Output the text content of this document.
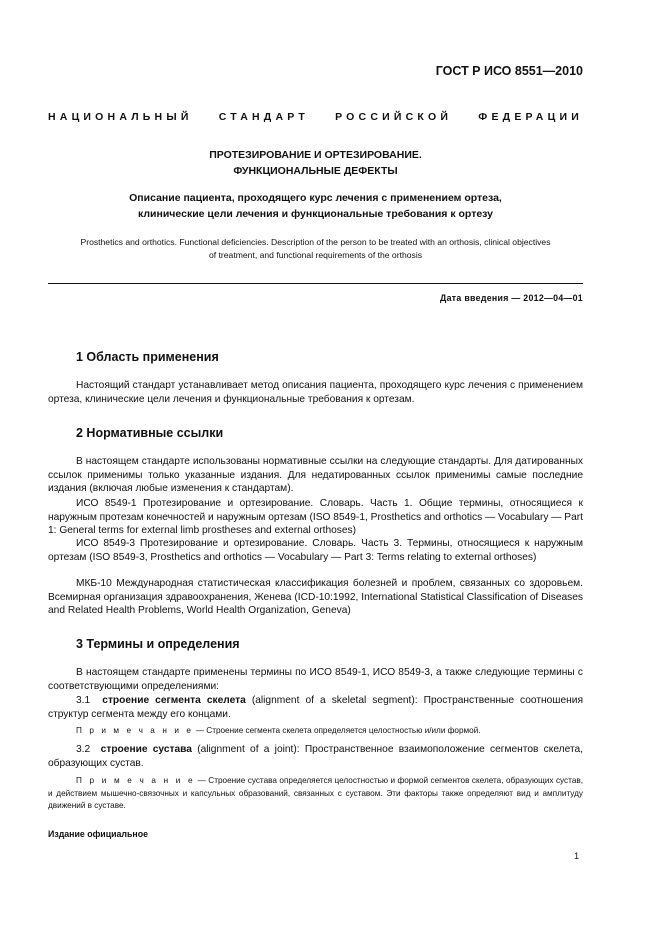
ГОСТ Р ИСО 8551—2010
НАЦИОНАЛЬНЫЙ СТАНДАРТ РОССИЙСКОЙ ФЕДЕРАЦИИ
ПРОТЕЗИРОВАНИЕ И ОРТЕЗИРОВАНИЕ.
ФУНКЦИОНАЛЬНЫЕ ДЕФЕКТЫ
Описание пациента, проходящего курс лечения с применением ортеза,
клинические цели лечения и функциональные требования к ортезу
Prosthetics and orthotics. Functional deficiencies. Description of the person to be treated with an orthosis, clinical objectives
of treatment, and functional requirements of the orthosis
Дата введения — 2012—04—01
1 Область применения
Настоящий стандарт устанавливает метод описания пациента, проходящего курс лечения с применением ортеза, клинические цели лечения и функциональные требования к ортезам.
2 Нормативные ссылки
В настоящем стандарте использованы нормативные ссылки на следующие стандарты. Для датированных ссылок применимы только указанные издания. Для недатированных ссылок применимы самые последние издания (включая любые изменения к стандартам).
ИСО 8549-1 Протезирование и ортезирование. Словарь. Часть 1. Общие термины, относящиеся к наружным протезам конечностей и наружным ортезам (ISO 8549-1, Prosthetics and orthotics — Vocabulary — Part 1: General terms for external limb prostheses and external orthoses)
ИСО 8549-3 Протезирование и ортезирование. Словарь. Часть 3. Термины, относящиеся к наружным ортезам (ISO 8549-3, Prosthetics and orthotics — Vocabulary — Part 3: Terms relating to external orthoses)
МКБ-10 Международная статистическая классификация болезней и проблем, связанных со здоровьем. Всемирная организация здравоохранения, Женева (ICD-10:1992, International Statistical Classification of Diseases and Related Health Problems, World Health Organization, Geneva)
3 Термины и определения
В настоящем стандарте применены термины по ИСО 8549-1, ИСО 8549-3, а также следующие термины с соответствующими определениями:
3.1 строение сегмента скелета (alignment of a skeletal segment): Пространственные соотношения структур сегмента между его концами.
П р и м е ч а н и е — Строение сегмента скелета определяется целостностью и/или формой.
3.2 строение сустава (alignment of a joint): Пространственное взаимоположение сегментов скелета, образующих сустав.
П р и м е ч а н и е — Строение сустава определяется целостностью и формой сегментов скелета, образующих сустав, и действием мышечно-связочных и капсульных образований, связанных с суставом. Эти факторы также определяют вид и амплитуду движений в суставе.
Издание официальное
1
